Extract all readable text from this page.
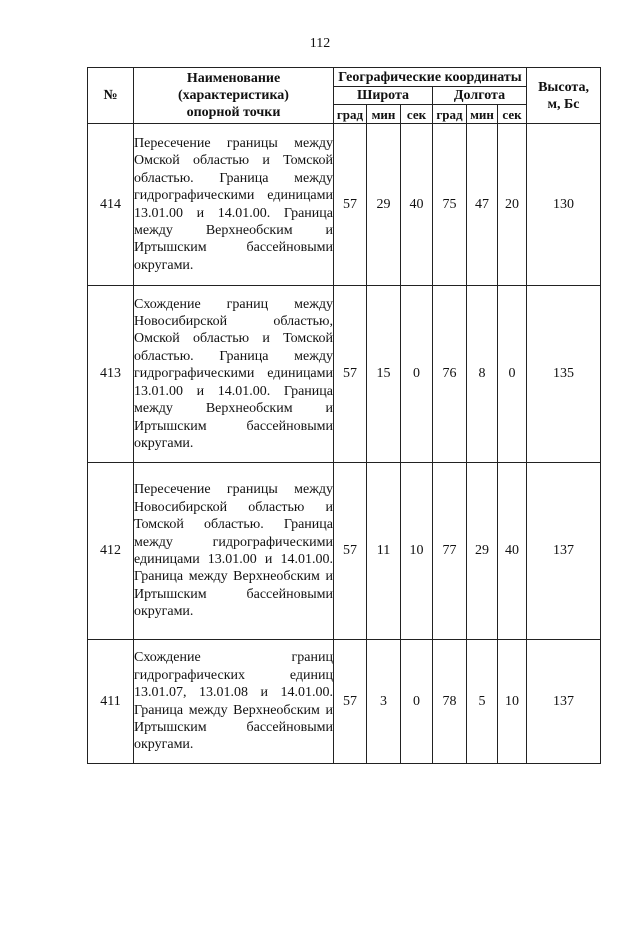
112
№	Наименование
(характеристика)
опорной точки	Географические координаты						Высота,
м, Бс
		Широта			Долгота			
		град	мин	сек	град	мин	сек	
414	Пересечение границы между Омской областью и Томской областью. Граница между гидрографическими единицами 13.01.00 и 14.01.00. Граница между Верхнеобским и Иртышским бассейновыми округами.	57	29	40	75	47	20	130
413	Схождение границ между Новосибирской областью, Омской областью и Томской областью. Граница между гидрографическими единицами 13.01.00 и 14.01.00. Граница между Верхнеобским и Иртышским бассейновыми округами.	57	15	0	76	8	0	135
412	Пересечение границы между Новосибирской областью и Томской областью. Граница между гидрографическими единицами 13.01.00 и 14.01.00. Граница между Верхнеобским и Иртышским бассейновыми округами.	57	11	10	77	29	40	137
411	Схождение границ гидрографических единиц 13.01.07, 13.01.08 и 14.01.00. Граница между Верхнеобским и Иртышским бассейновыми округами.	57	3	0	78	5	10	137
